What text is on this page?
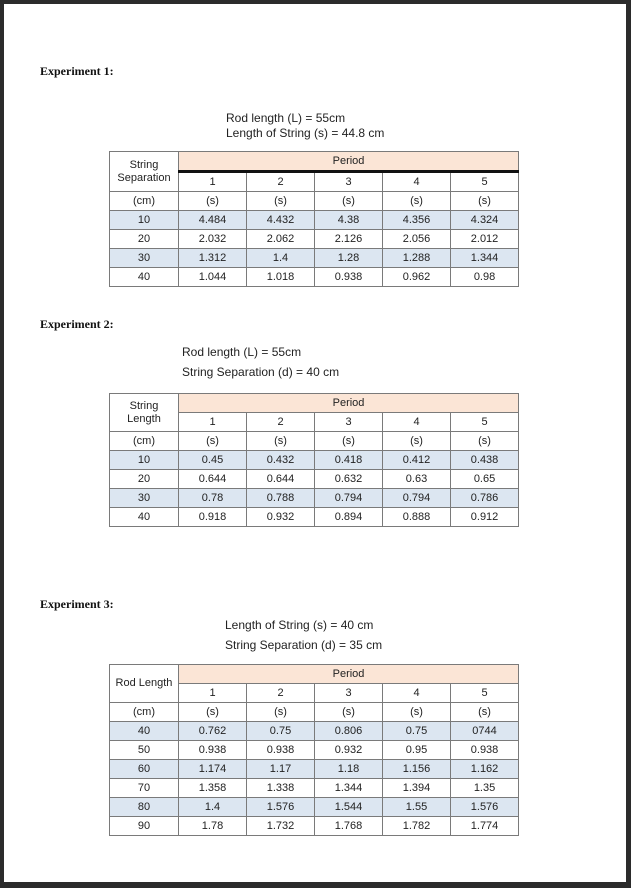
Experiment 1:
Rod length (L) = 55cm
Length of String (s) = 44.8 cm
String
Separation	Period				
	1	2	3	4	5
(cm)	(s)	(s)	(s)	(s)	(s)
10	4.484	4.432	4.38	4.356	4.324
20	2.032	2.062	2.126	2.056	2.012
30	1.312	1.4	1.28	1.288	1.344
40	1.044	1.018	0.938	0.962	0.98
Experiment 2:
Rod length (L) = 55cm
String Separation (d) = 40 cm
String
Length	Period				
	1	2	3	4	5
(cm)	(s)	(s)	(s)	(s)	(s)
10	0.45	0.432	0.418	0.412	0.438
20	0.644	0.644	0.632	0.63	0.65
30	0.78	0.788	0.794	0.794	0.786
40	0.918	0.932	0.894	0.888	0.912
Experiment 3:
Length of String (s) = 40 cm
String Separation (d) = 35 cm
Rod Length	Period				
	1	2	3	4	5
(cm)	(s)	(s)	(s)	(s)	(s)
40	0.762	0.75	0.806	0.75	0744
50	0.938	0.938	0.932	0.95	0.938
60	1.174	1.17	1.18	1.156	1.162
70	1.358	1.338	1.344	1.394	1.35
80	1.4	1.576	1.544	1.55	1.576
90	1.78	1.732	1.768	1.782	1.774
